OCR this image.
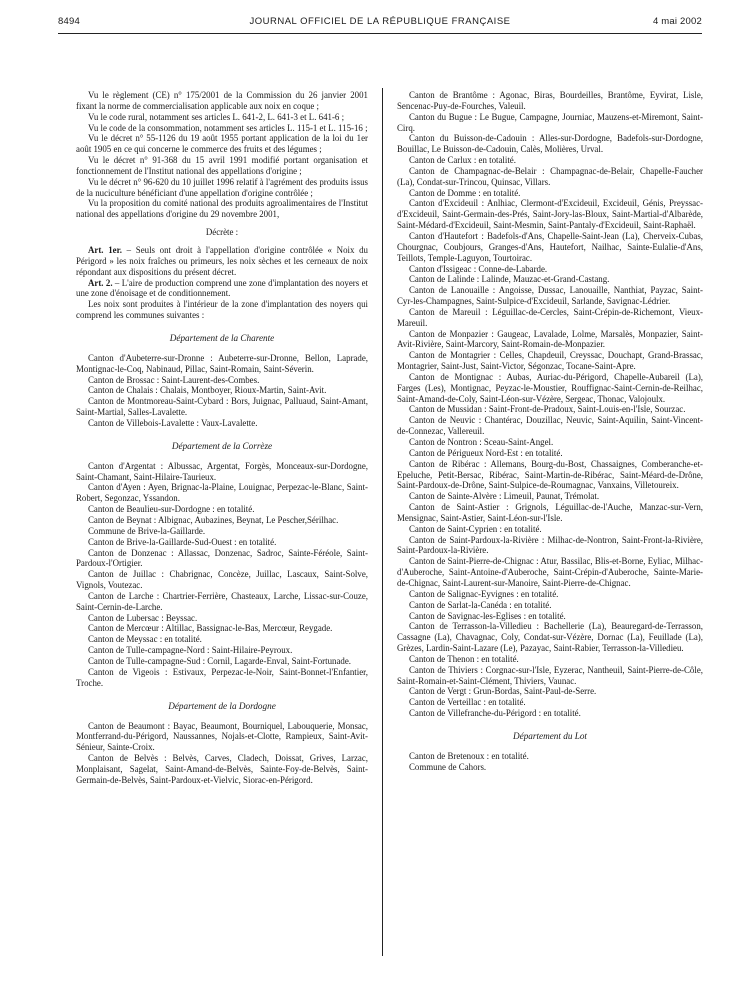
8494	JOURNAL OFFICIEL DE LA RÉPUBLIQUE FRANÇAISE	4 mai 2002

Vu le règlement (CE) n° 175/2001 de la Commission du 26 janvier 2001 fixant la norme de commercialisation applicable aux noix en coque ;

Vu le code rural, notamment ses articles L. 641-2, L. 641-3 et L. 641-6 ;

Vu le code de la consommation, notamment ses articles L. 115-1 et L. 115-16 ;

Vu le décret n° 55-1126 du 19 août 1955 portant application de la loi du 1er août 1905 en ce qui concerne le commerce des fruits et des légumes ;

Vu le décret n° 91-368 du 15 avril 1991 modifié portant organisation et fonctionnement de l'Institut national des appellations d'origine ;

Vu le décret n° 96-620 du 10 juillet 1996 relatif à l'agrément des produits issus de la nuciculture bénéficiant d'une appellation d'origine contrôlée ;

Vu la proposition du comité national des produits agroalimentaires de l'Institut national des appellations d'origine du 29 novembre 2001,

Décrète :

Art. 1er. – Seuls ont droit à l'appellation d'origine contrôlée « Noix du Périgord » les noix fraîches ou primeurs, les noix sèches et les cerneaux de noix répondant aux dispositions du présent décret.

Art. 2. – L'aire de production comprend une zone d'implantation des noyers et une zone d'énoisage et de conditionnement.

Les noix sont produites à l'intérieur de la zone d'implantation des noyers qui comprend les communes suivantes :

Département de la Charente

Canton d'Aubeterre-sur-Dronne : Aubeterre-sur-Dronne, Bellon, Laprade, Montignac-le-Coq, Nabinaud, Pillac, Saint-Romain, Saint-Séverin.

Canton de Brossac : Saint-Laurent-des-Combes.

Canton de Chalais : Chalais, Montboyer, Rioux-Martin, Saint-Avit.

Canton de Montmoreau-Saint-Cybard : Bors, Juignac, Palluaud, Saint-Amant, Saint-Martial, Salles-Lavalette.

Canton de Villebois-Lavalette : Vaux-Lavalette.

Département de la Corrèze

Canton d'Argentat : Albussac, Argentat, Forgès, Monceaux-sur-Dordogne, Saint-Chamant, Saint-Hilaire-Taurieux.

Canton d'Ayen : Ayen, Brignac-la-Plaine, Louignac, Perpezac-le-Blanc, Saint-Robert, Segonzac, Yssandon.

Canton de Beaulieu-sur-Dordogne : en totalité.

Canton de Beynat : Albignac, Aubazines, Beynat, Le Pescher,Sérilhac.

Commune de Brive-la-Gaillarde.

Canton de Brive-la-Gaillarde-Sud-Ouest : en totalité.

Canton de Donzenac : Allassac, Donzenac, Sadroc, Sainte-Féréole, Saint-Pardoux-l'Ortigier.

Canton de Juillac : Chabrignac, Concèze, Juillac, Lascaux, Saint-Solve, Vignols, Voutezac.

Canton de Larche : Chartrier-Ferrière, Chasteaux, Larche, Lissac-sur-Couze, Saint-Cernin-de-Larche.

Canton de Lubersac : Beyssac.

Canton de Mercœur : Altillac, Bassignac-le-Bas, Mercœur, Reygade.

Canton de Meyssac : en totalité.

Canton de Tulle-campagne-Nord : Saint-Hilaire-Peyroux.

Canton de Tulle-campagne-Sud : Cornil, Lagarde-Enval, Saint-Fortunade.

Canton de Vigeois : Estivaux, Perpezac-le-Noir, Saint-Bonnet-l'Enfantier, Troche.

Département de la Dordogne

Canton de Beaumont : Bayac, Beaumont, Bourniquel, Labouquerie, Monsac, Montferrand-du-Périgord, Naussannes, Nojals-et-Clotte, Rampieux, Saint-Avit-Sénieur, Sainte-Croix.

Canton de Belvès : Belvès, Carves, Cladech, Doissat, Grives, Larzac, Monplaisant, Sagelat, Saint-Amand-de-Belvès, Sainte-Foy-de-Belvès, Saint-Germain-de-Belvès, Saint-Pardoux-et-Vielvic, Siorac-en-Périgord.

Canton de Brantôme : Agonac, Biras, Bourdeilles, Brantôme, Eyvirat, Lisle, Sencenac-Puy-de-Fourches, Valeuil.

Canton du Bugue : Le Bugue, Campagne, Journiac, Mauzens-et-Miremont, Saint-Cirq.

Canton du Buisson-de-Cadouin : Alles-sur-Dordogne, Badefols-sur-Dordogne, Bouillac, Le Buisson-de-Cadouin, Calès, Molières, Urval.

Canton de Carlux : en totalité.

Canton de Champagnac-de-Belair : Champagnac-de-Belair, Chapelle-Faucher (La), Condat-sur-Trincou, Quinsac, Villars.

Canton de Domme : en totalité.

Canton d'Excideuil : Anlhiac, Clermont-d'Excideuil, Excideuil, Génis, Preyssac-d'Excideuil, Saint-Germain-des-Prés, Saint-Jory-las-Bloux, Saint-Martial-d'Albarède, Saint-Médard-d'Excideuil, Saint-Mesmin, Saint-Pantaly-d'Excideuil, Saint-Raphaël.

Canton d'Hautefort : Badefols-d'Ans, Chapelle-Saint-Jean (La), Cherveix-Cubas, Chourgnac, Coubjours, Granges-d'Ans, Hautefort, Nailhac, Sainte-Eulalie-d'Ans, Teillots, Temple-Laguyon, Tourtoirac.

Canton d'Issigeac : Conne-de-Labarde.

Canton de Lalinde : Lalinde, Mauzac-et-Grand-Castang.

Canton de Lanouaille : Angoisse, Dussac, Lanouaille, Nanthiat, Payzac, Saint-Cyr-les-Champagnes, Saint-Sulpice-d'Excideuil, Sarlande, Savignac-Lédrier.

Canton de Mareuil : Léguillac-de-Cercles, Saint-Crépin-de-Richemont, Vieux-Mareuil.

Canton de Monpazier : Gaugeac, Lavalade, Lolme, Marsalès, Monpazier, Saint-Avit-Rivière, Saint-Marcory, Saint-Romain-de-Monpazier.

Canton de Montagrier : Celles, Chapdeuil, Creyssac, Douchapt, Grand-Brassac, Montagrier, Saint-Just, Saint-Victor, Ségonzac, Tocane-Saint-Apre.

Canton de Montignac : Aubas, Auriac-du-Périgord, Chapelle-Aubareil (La), Farges (Les), Montignac, Peyzac-le-Moustier, Rouffignac-Saint-Cernin-de-Reilhac, Saint-Amand-de-Coly, Saint-Léon-sur-Vézère, Sergeac, Thonac, Valojoulx.

Canton de Mussidan : Saint-Front-de-Pradoux, Saint-Louis-en-l'Isle, Sourzac.

Canton de Neuvic : Chantérac, Douzillac, Neuvic, Saint-Aquilin, Saint-Vincent-de-Connezac, Vallereuil.

Canton de Nontron : Sceau-Saint-Angel.

Canton de Périgueux Nord-Est : en totalité.

Canton de Ribérac : Allemans, Bourg-du-Bost, Chassaignes, Comberanche-et-Epeluche, Petit-Bersac, Ribérac, Saint-Martin-de-Ribérac, Saint-Méard-de-Drône, Saint-Pardoux-de-Drône, Saint-Sulpice-de-Roumagnac, Vanxains, Villetoureix.

Canton de Sainte-Alvère : Limeuil, Paunat, Trémolat.

Canton de Saint-Astier : Grignols, Léguillac-de-l'Auche, Manzac-sur-Vern, Mensignac, Saint-Astier, Saint-Léon-sur-l'Isle.

Canton de Saint-Cyprien : en totalité.

Canton de Saint-Pardoux-la-Rivière : Milhac-de-Nontron, Saint-Front-la-Rivière, Saint-Pardoux-la-Rivière.

Canton de Saint-Pierre-de-Chignac : Atur, Bassilac, Blis-et-Borne, Eyliac, Milhac-d'Auberoche, Saint-Antoine-d'Auberoche, Saint-Crépin-d'Auberoche, Sainte-Marie-de-Chignac, Saint-Laurent-sur-Manoire, Saint-Pierre-de-Chignac.

Canton de Salignac-Eyvignes : en totalité.

Canton de Sarlat-la-Canéda : en totalité.

Canton de Savignac-les-Eglises : en totalité.

Canton de Terrasson-la-Villedieu : Bachellerie (La), Beauregard-de-Terrasson, Cassagne (La), Chavagnac, Coly, Condat-sur-Vézère, Dornac (La), Feuillade (La), Grèzes, Lardin-Saint-Lazare (Le), Pazayac, Saint-Rabier, Terrasson-la-Villedieu.

Canton de Thenon : en totalité.

Canton de Thiviers : Corgnac-sur-l'Isle, Eyzerac, Nantheuil, Saint-Pierre-de-Côle, Saint-Romain-et-Saint-Clément, Thiviers, Vaunac.

Canton de Vergt : Grun-Bordas, Saint-Paul-de-Serre.

Canton de Verteillac : en totalité.

Canton de Villefranche-du-Périgord : en totalité.

Département du Lot

Canton de Bretenoux : en totalité.

Commune de Cahors.
